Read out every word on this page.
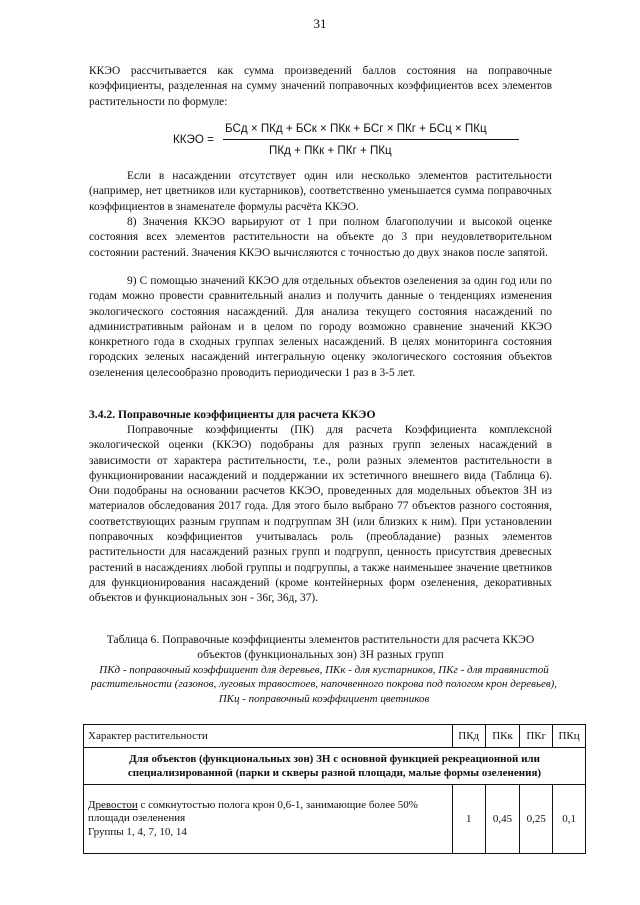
31
ККЭО рассчитывается как сумма произведений баллов состояния на поправочные коэффициенты, разделенная на сумму значений поправочных коэффициентов всех элементов растительности по формуле:
ККЭО =
БСд × ПКд + БСк × ПКк + БСг × ПКг + БСц × ПКц
ПКд + ПКк + ПКг + ПКц
Если в насаждении отсутствует один или несколько элементов растительности (например, нет цветников или кустарников), соответственно уменьшается сумма поправочных коэффициентов в знаменателе формулы расчёта ККЭО.
8) Значения ККЭО варьируют от 1 при полном благополучии и высокой оценке состояния всех элементов растительности на объекте до 3 при неудовлетворительном состоянии растений. Значения ККЭО вычисляются с точностью до двух знаков после запятой.
9) С помощью значений ККЭО для отдельных объектов озеленения за один год или по годам можно провести сравнительный анализ и получить данные о тенденциях изменения экологического состояния насаждений. Для анализа текущего состояния насаждений по административным районам и в целом по городу возможно сравнение значений ККЭО конкретного года в сходных группах зеленых насаждений. В целях мониторинга состояния городских зеленых насаждений интегральную оценку экологического состояния объектов озеленения целесообразно проводить периодически 1 раз в 3-5 лет.
3.4.2. Поправочные коэффициенты для расчета ККЭО
Поправочные коэффициенты (ПК) для расчета Коэффициента комплексной экологической оценки (ККЭО) подобраны для разных групп зеленых насаждений в зависимости от характера растительности, т.е., роли разных элементов растительности в функционировании насаждений и поддержании их эстетичного внешнего вида (Таблица 6). Они подобраны на основании расчетов ККЭО, проведенных для модельных объектов ЗН из материалов обследования 2017 года. Для этого было выбрано 77 объектов разного состояния, соответствующих разным группам и подгруппам ЗН (или близких к ним). При установлении поправочных коэффициентов учитывалась роль (преобладание) разных элементов растительности для насаждений разных групп и подгрупп, ценность присутствия древесных растений в насаждениях любой группы и подгруппы, а также наименьшее значение цветников для функционирования насаждений (кроме контейнерных форм озеленения, декоративных объектов и функциональных зон - 36г, 36д, 37).
Таблица 6. Поправочные коэффициенты элементов растительности для расчета ККЭО объектов (функциональных зон) ЗН разных групп
ПКд - поправочный коэффициент для деревьев, ПКк - для кустарников, ПКг - для травянистой растительности (газонов, луговых травостоев, напочвенного покрова под пологом крон деревьев), ПКц - поправочный коэффициент цветников
Характер растительности	ПКд	ПКк	ПКг	ПКц
Для объектов (функциональных зон) ЗН с основной функцией рекреационной или специализированной (парки и скверы разной площади, малые формы озеленения)				
Древостои с сомкнутостью полога крон 0,6-1, занимающие более 50% площади озеленения
Группы 1, 4, 7, 10, 14	1	0,45	0,25	0,1
